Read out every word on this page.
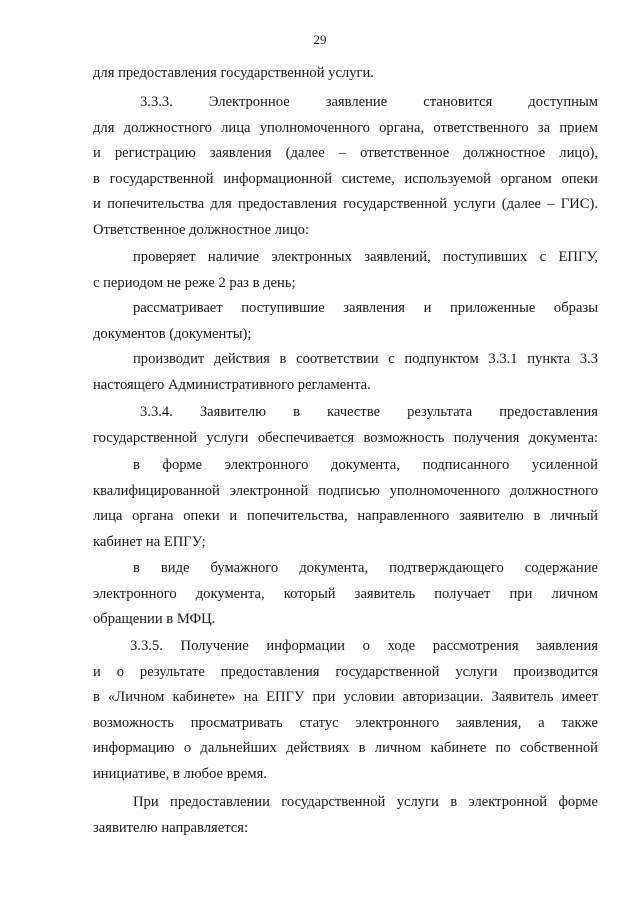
29
для предоставления государственной услуги.
3.3.3. Электронное заявление становится доступным
для должностного лица уполномоченного органа, ответственного за прием
и регистрацию заявления (далее – ответственное должностное лицо),
в государственной информационной системе, используемой органом опеки
и попечительства для предоставления государственной услуги (далее – ГИС).
Ответственное должностное лицо:
проверяет наличие электронных заявлений, поступивших с ЕПГУ,
с периодом не реже 2 раз в день;
рассматривает поступившие заявления и приложенные образы
документов (документы);
производит действия в соответствии с подпунктом 3.3.1 пункта 3.3
настоящего Административного регламента.
3.3.4. Заявителю в качестве результата предоставления
государственной услуги обеспечивается возможность получения документа:
в форме электронного документа, подписанного усиленной
квалифицированной электронной подписью уполномоченного должностного
лица органа опеки и попечительства, направленного заявителю в личный
кабинет на ЕПГУ;
в виде бумажного документа, подтверждающего содержание
электронного документа, который заявитель получает при личном
обращении в МФЦ.
3.3.5. Получение информации о ходе рассмотрения заявления
и о результате предоставления государственной услуги производится
в «Личном кабинете» на ЕПГУ при условии авторизации. Заявитель имеет
возможность просматривать статус электронного заявления, а также
информацию о дальнейших действиях в личном кабинете по собственной
инициативе, в любое время.
При предоставлении государственной услуги в электронной форме
заявителю направляется:
